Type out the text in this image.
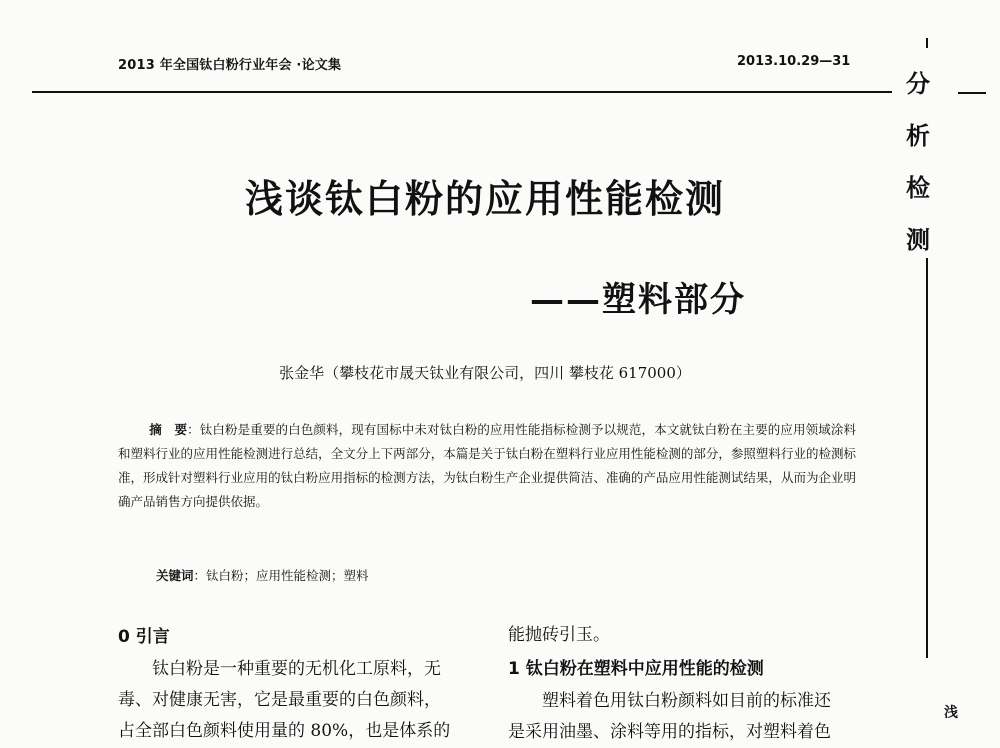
2013 年全国钛白粉行业年会 ·论文集	2013.10.29—31
分
析
检
测
浅
浅谈钛白粉的应用性能检测
——塑料部分
张金华（攀枝花市晟天钛业有限公司，四川 攀枝花 617000）
摘　要：钛白粉是重要的白色颜料，现有国标中未对钛白粉的应用性能指标检测予以规范，本文就钛白粉在主要的应用领域涂料和塑料行业的应用性能检测进行总结，全文分上下两部分，本篇是关于钛白粉在塑料行业应用性能检测的部分，参照塑料行业的检测标准，形成针对塑料行业应用的钛白粉应用指标的检测方法，为钛白粉生产企业提供简洁、准确的产品应用性能测试结果，从而为企业明确产品销售方向提供依据。
关键词：钛白粉；应用性能检测；塑料
0 引言
钛白粉是一种重要的无机化工原料，无
毒、对健康无害，它是最重要的白色颜料，
占全部白色颜料使用量的 80%，也是体系的
能抛砖引玉。
1 钛白粉在塑料中应用性能的检测
塑料着色用钛白粉颜料如目前的标准还
是采用油墨、涂料等用的指标，对塑料着色
